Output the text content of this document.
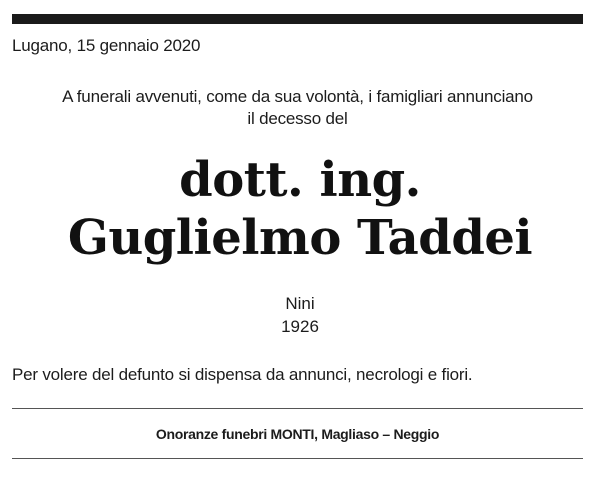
Lugano, 15 gennaio 2020
A funerali avvenuti, come da sua volontà, i famigliari annunciano
il decesso del
dott. ing.
Guglielmo Taddei
Nini
1926
Per volere del defunto si dispensa da annunci, necrologi e fiori.
Onoranze funebri MONTI, Magliaso – Neggio
